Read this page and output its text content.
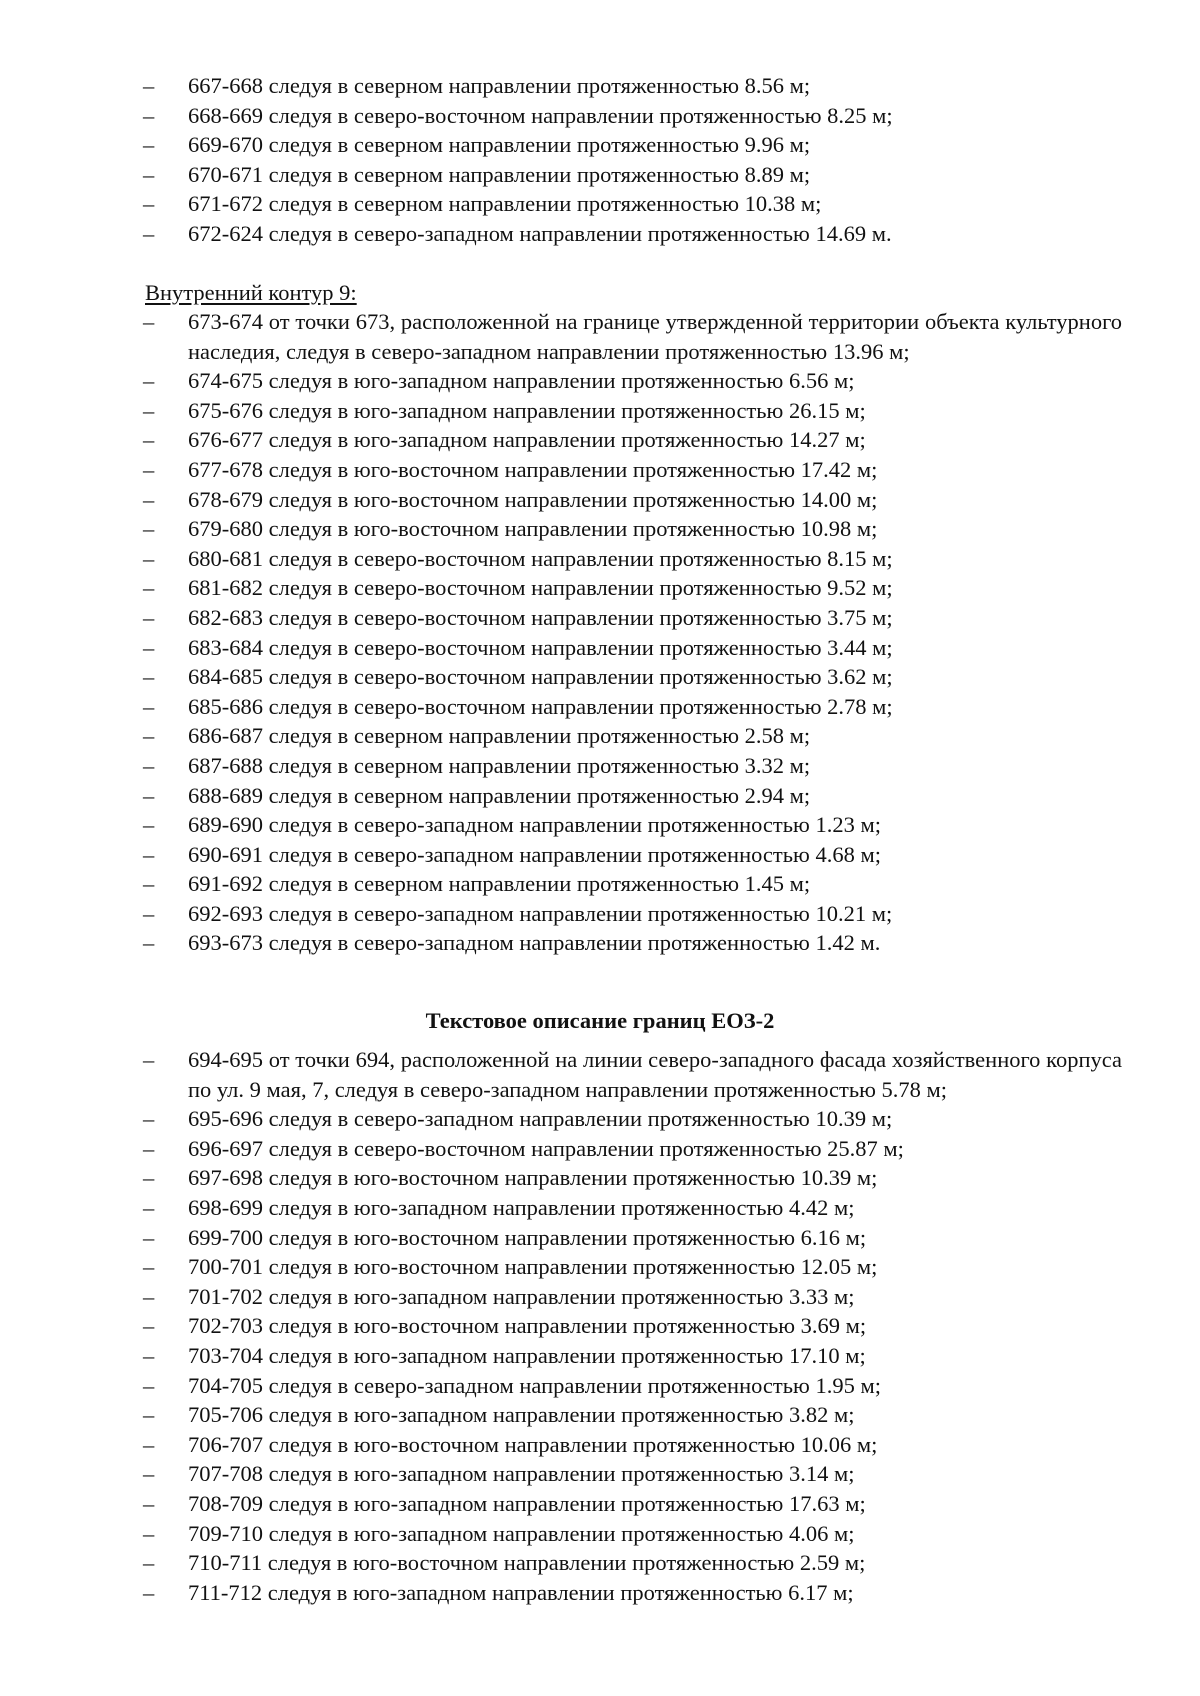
–	667-668 следуя в северном направлении протяженностью 8.56 м;
–	668-669 следуя в северо-восточном направлении протяженностью 8.25 м;
–	669-670 следуя в северном направлении протяженностью 9.96 м;
–	670-671 следуя в северном направлении протяженностью 8.89 м;
–	671-672 следуя в северном направлении протяженностью 10.38 м;
–	672-624 следуя в северо-западном направлении протяженностью 14.69 м.
Внутренний контур 9:
–	673-674 от точки 673, расположенной на границе утвержденной территории объекта культурного наследия, следуя в северо-западном направлении протяженностью 13.96 м;
–	674-675 следуя в юго-западном направлении протяженностью 6.56 м;
–	675-676 следуя в юго-западном направлении протяженностью 26.15 м;
–	676-677 следуя в юго-западном направлении протяженностью 14.27 м;
–	677-678 следуя в юго-восточном направлении протяженностью 17.42 м;
–	678-679 следуя в юго-восточном направлении протяженностью 14.00 м;
–	679-680 следуя в юго-восточном направлении протяженностью 10.98 м;
–	680-681 следуя в северо-восточном направлении протяженностью 8.15 м;
–	681-682 следуя в северо-восточном направлении протяженностью 9.52 м;
–	682-683 следуя в северо-восточном направлении протяженностью 3.75 м;
–	683-684 следуя в северо-восточном направлении протяженностью 3.44 м;
–	684-685 следуя в северо-восточном направлении протяженностью 3.62 м;
–	685-686 следуя в северо-восточном направлении протяженностью 2.78 м;
–	686-687 следуя в северном направлении протяженностью 2.58 м;
–	687-688 следуя в северном направлении протяженностью 3.32 м;
–	688-689 следуя в северном направлении протяженностью 2.94 м;
–	689-690 следуя в северо-западном направлении протяженностью 1.23 м;
–	690-691 следуя в северо-западном направлении протяженностью 4.68 м;
–	691-692 следуя в северном направлении протяженностью 1.45 м;
–	692-693 следуя в северо-западном направлении протяженностью 10.21 м;
–	693-673 следуя в северо-западном направлении протяженностью 1.42 м.
Текстовое описание границ ЕОЗ-2
–	694-695 от точки 694, расположенной на линии северо-западного фасада хозяйственного корпуса по ул. 9 мая, 7, следуя в северо-западном направлении протяженностью 5.78 м;
–	695-696 следуя в северо-западном направлении протяженностью 10.39 м;
–	696-697 следуя в северо-восточном направлении протяженностью 25.87 м;
–	697-698 следуя в юго-восточном направлении протяженностью 10.39 м;
–	698-699 следуя в юго-западном направлении протяженностью 4.42 м;
–	699-700 следуя в юго-восточном направлении протяженностью 6.16 м;
–	700-701 следуя в юго-восточном направлении протяженностью 12.05 м;
–	701-702 следуя в юго-западном направлении протяженностью 3.33 м;
–	702-703 следуя в юго-восточном направлении протяженностью 3.69 м;
–	703-704 следуя в юго-западном направлении протяженностью 17.10 м;
–	704-705 следуя в северо-западном направлении протяженностью 1.95 м;
–	705-706 следуя в юго-западном направлении протяженностью 3.82 м;
–	706-707 следуя в юго-восточном направлении протяженностью 10.06 м;
–	707-708 следуя в юго-западном направлении протяженностью 3.14 м;
–	708-709 следуя в юго-западном направлении протяженностью 17.63 м;
–	709-710 следуя в юго-западном направлении протяженностью 4.06 м;
–	710-711 следуя в юго-восточном направлении протяженностью 2.59 м;
–	711-712 следуя в юго-западном направлении протяженностью 6.17 м;
